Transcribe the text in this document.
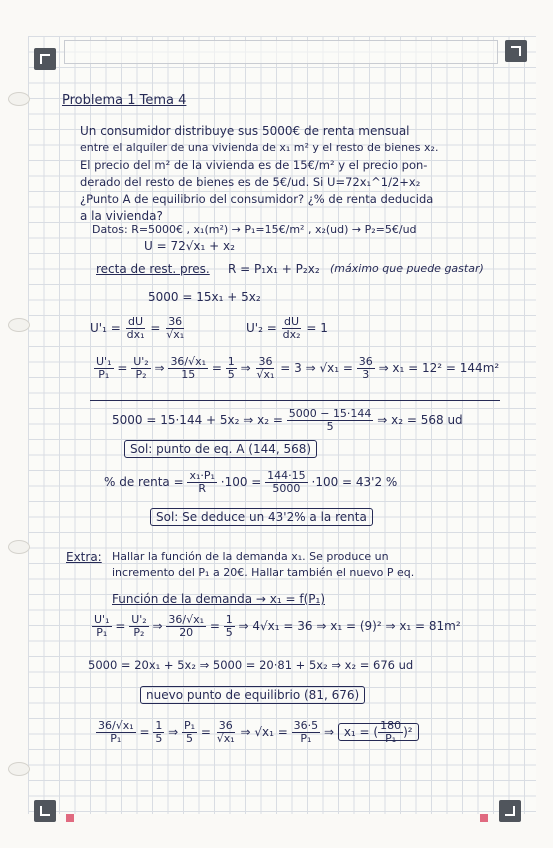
Problema 1 Tema 4
Un consumidor distribuye sus 5000€ de renta mensual
entre el alquiler de una vivienda de x₁ m² y el resto de bienes x₂.
El precio del m² de la vivienda es de 15€/m² y el precio pon-
derado del resto de bienes es de 5€/ud. Si U=72x₁^1/2+x₂
¿Punto A de equilibrio del consumidor? ¿% de renta deducida
a la vivienda?
Datos: R=5000€ , x₁(m²) → P₁=15€/m² , x₂(ud) → P₂=5€/ud
U = 72√x₁ + x₂
recta de rest. pres. R = P₁x₁ + P₂x₂ (máximo que puede gastar)
5000 = 15x₁ + 5x₂
$U'_1 = \frac{dU}{\text{dx₁}} = \frac{36}{\text{√x₁}}$	$U'_2 = \frac{dU}{\text{dx₂}} = 1$
$\frac{\text{U'₁}}{\text{P₁}} = \frac{\text{U'₂}}{\text{P₂}}$ ⇒ $\frac{\text{36/√x₁}}{15} = \frac{1}{5}$ ⇒ $\frac{36}{\text{√x₁}} = 3$ ⇒ $√x_1 = \frac{36}{3}$ ⇒ x₁ = 12² = 144m²
5000 = 15·144 + 5x₂ ⇒ $x_2 = \frac{5000 - 15\cdot 144}{5}$ ⇒ x₂ = 568 ud
Sol: punto de eq. A (144, 568)
% de renta = $\frac{\text{x₁·P₁}}{R} \cdot 100 = \frac{144\cdot 15}{5000} \cdot 100 = 43'2$ %
Sol: Se deduce un 43'2% a la renta
Extra: Hallar la función de la demanda x₁. Se produce un
incremento del P₁ a 20€. Hallar también el nuevo P eq.
Función de la demanda → x₁ = f(P₁)
$\frac{\text{U'₁}}{\text{P₁}} = \frac{\text{U'₂}}{\text{P₂}}$ ⇒ $\frac{\text{36/√x₁}}{20} = \frac{1}{5}$ ⇒ 4√x₁ = 36 ⇒ x₁ = (9)² ⇒ x₁ = 81m²
5000 = 20x₁ + 5x₂ ⇒ 5000 = 20·81 + 5x₂ ⇒ x₂ = 676 ud
nuevo punto de equilibrio (81, 676)
$\frac{\text{36/√x₁}}{\text{P₁}} = \frac{1}{5}$ ⇒ $\frac{\text{P₁}}{5} = \frac{36}{\text{√x₁}}$ ⇒ $√x_1 = \frac{36\cdot 5}{\text{P₁}}$ ⇒ x₁ = ( $\frac{180}{\text{P₁}} )^2$
